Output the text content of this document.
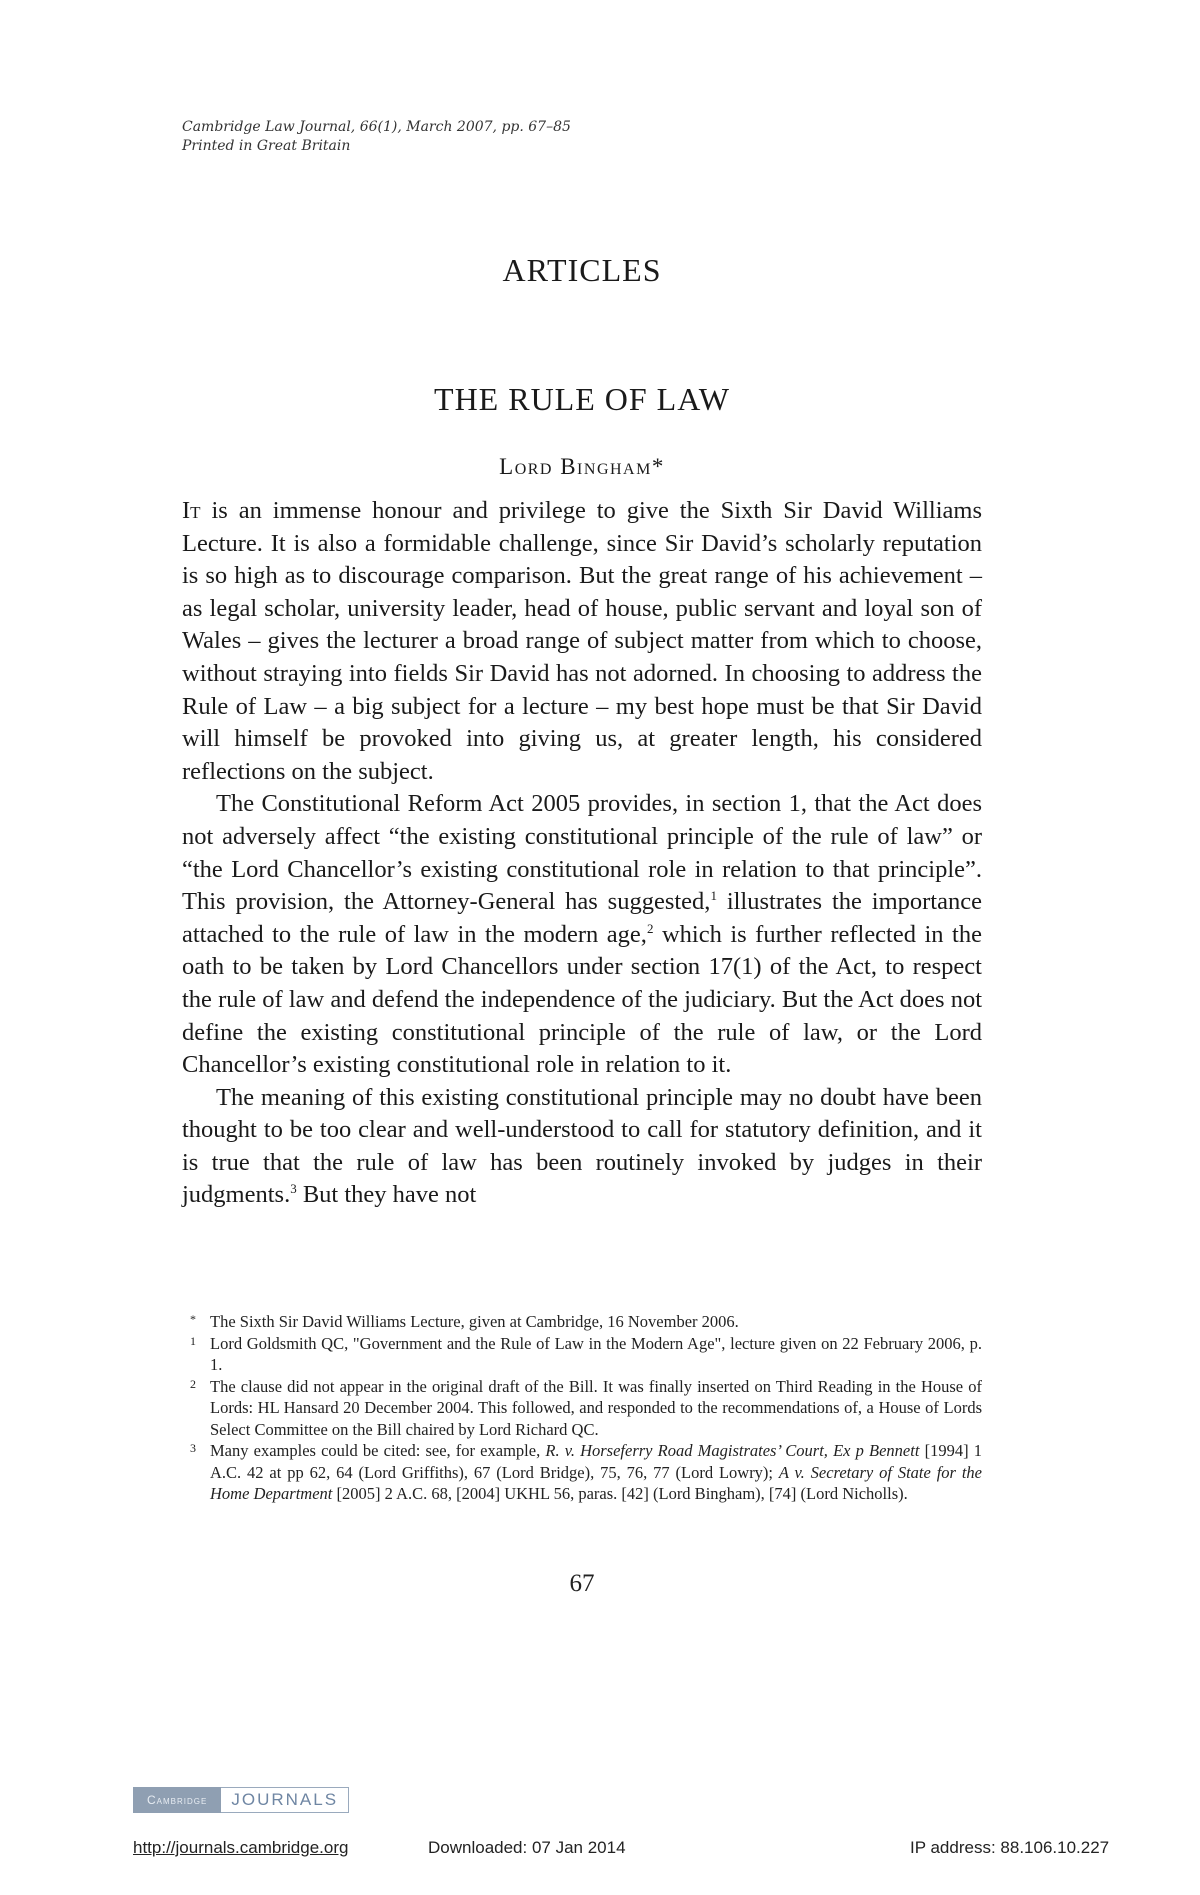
Cambridge Law Journal, 66(1), March 2007, pp. 67–85
Printed in Great Britain
ARTICLES
THE RULE OF LAW
Lord Bingham*

It is an immense honour and privilege to give the Sixth Sir David Williams Lecture. It is also a formidable challenge, since Sir David’s scholarly reputation is so high as to discourage comparison. But the great range of his achievement – as legal scholar, university leader, head of house, public servant and loyal son of Wales – gives the lecturer a broad range of subject matter from which to choose, without straying into fields Sir David has not adorned. In choosing to address the Rule of Law – a big subject for a lecture – my best hope must be that Sir David will himself be provoked into giving us, at greater length, his considered reflections on the subject.

The Constitutional Reform Act 2005 provides, in section 1, that the Act does not adversely affect “the existing constitutional principle of the rule of law” or “the Lord Chancellor’s existing constitutional role in relation to that principle”. This provision, the Attorney-General has suggested,$^1$ illustrates the importance attached to the rule of law in the modern age,$^2$ which is further reflected in the oath to be taken by Lord Chancellors under section 17(1) of the Act, to respect the rule of law and defend the independence of the judiciary. But the Act does not define the existing constitutional principle of the rule of law, or the Lord Chancellor’s existing constitutional role in relation to it.

The meaning of this existing constitutional principle may no doubt have been thought to be too clear and well-understood to call for statutory definition, and it is true that the rule of law has been routinely invoked by judges in their judgments.$^3$ But they have not

* The Sixth Sir David Williams Lecture, given at Cambridge, 16 November 2006.
1 Lord Goldsmith QC, "Government and the Rule of Law in the Modern Age", lecture given on 22 February 2006, p. 1.
2 The clause did not appear in the original draft of the Bill. It was finally inserted on Third Reading in the House of Lords: HL Hansard 20 December 2004. This followed, and responded to the recommendations of, a House of Lords Select Committee on the Bill chaired by Lord Richard QC.
3 Many examples could be cited: see, for example, R. v. Horseferry Road Magistrates’ Court, Ex p Bennett [1994] 1 A.C. 42 at pp 62, 64 (Lord Griffiths), 67 (Lord Bridge), 75, 76, 77 (Lord Lowry); A v. Secretary of State for the Home Department [2005] 2 A.C. 68, [2004] UKHL 56, paras. [42] (Lord Bingham), [74] (Lord Nicholls).
67
Cambridge	JOURNALS
http://journals.cambridge.org	Downloaded: 07 Jan 2014	IP address: 88.106.10.227
